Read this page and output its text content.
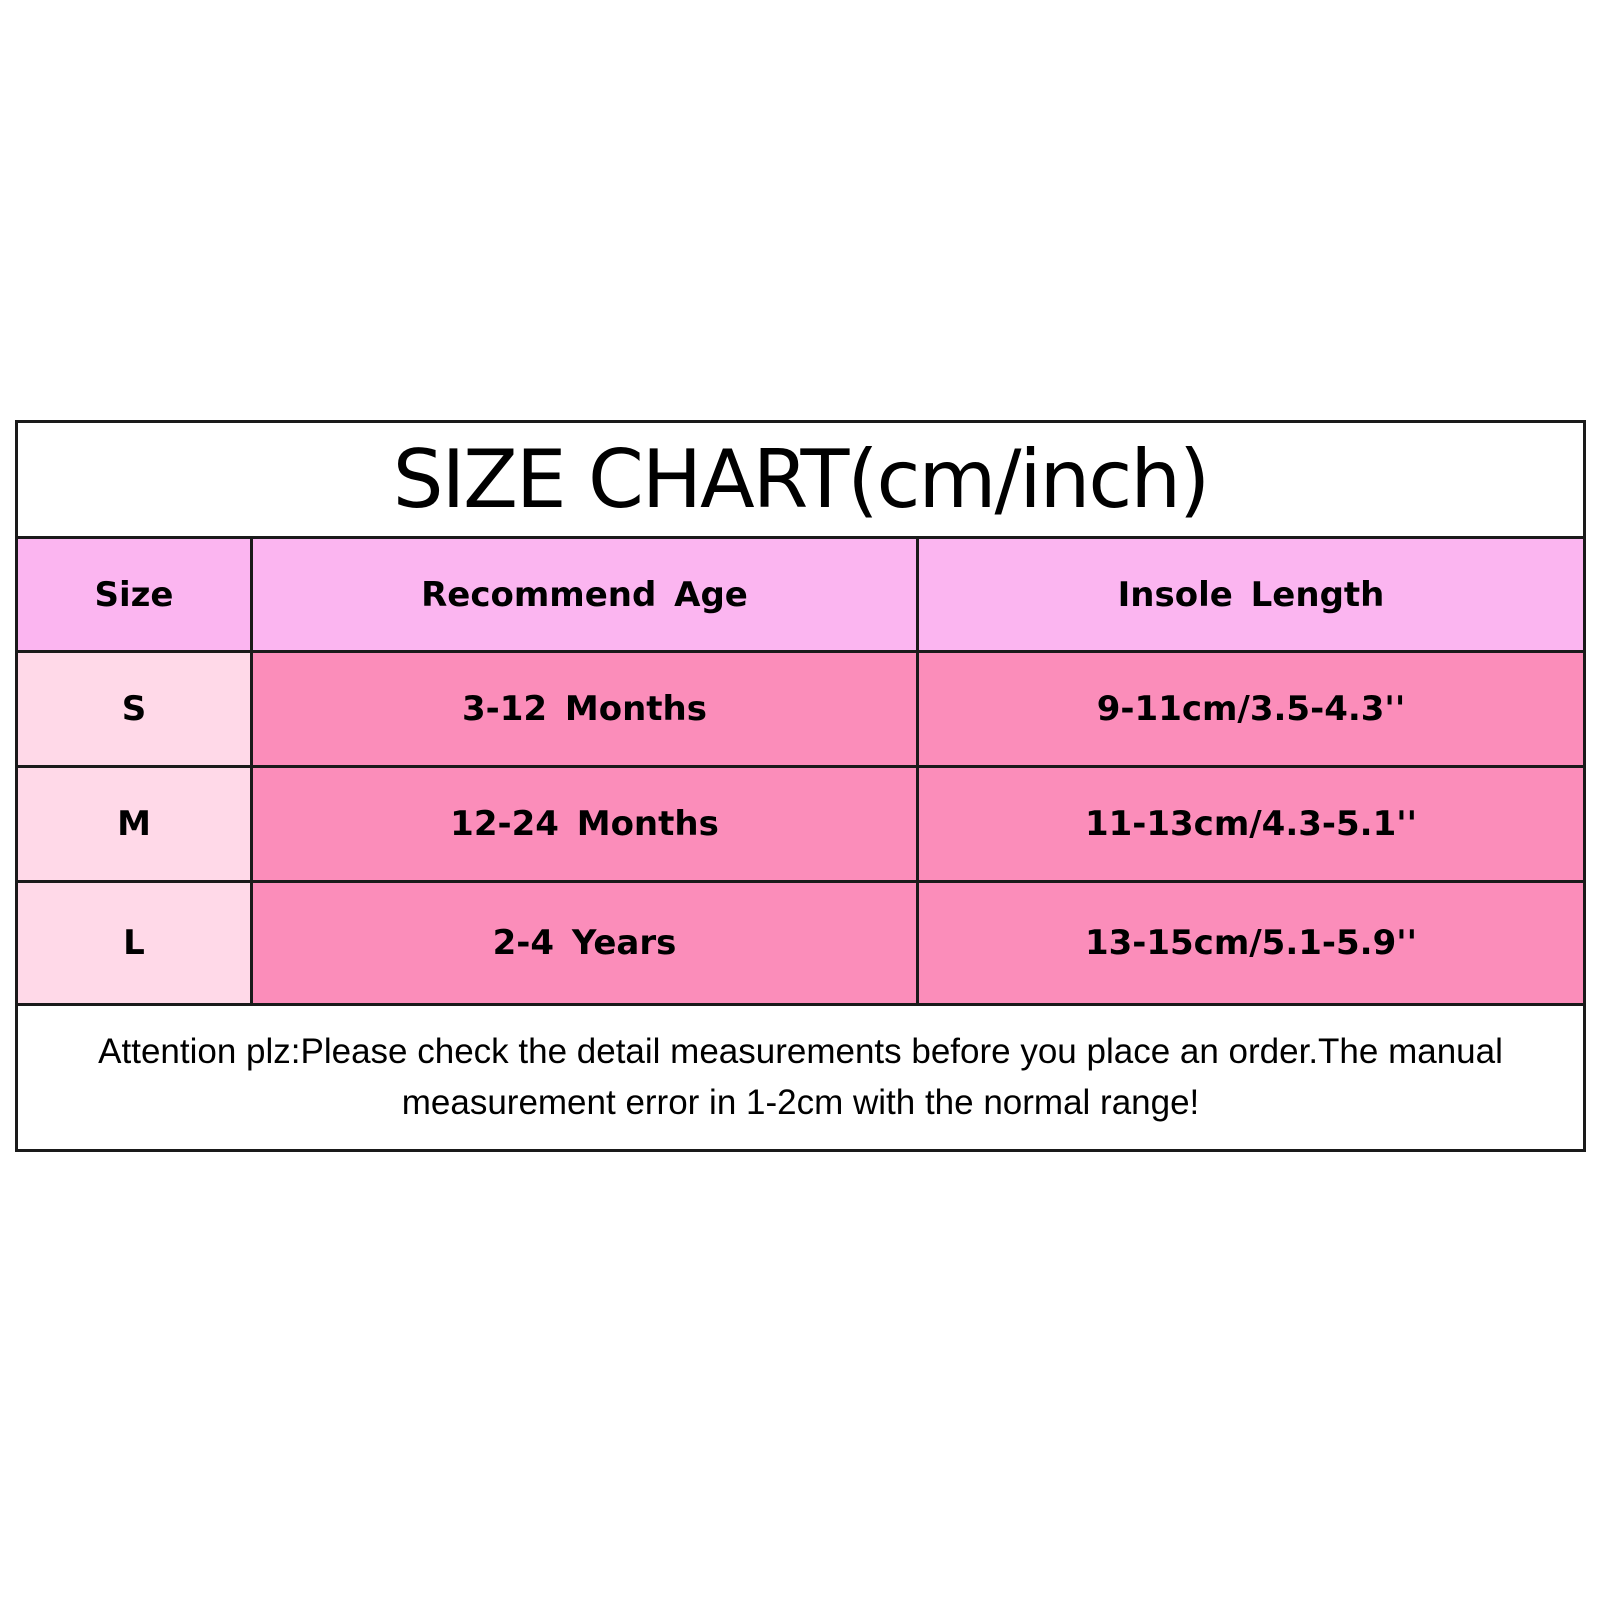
SIZE CHART(cm/inch)		
Size	Recommend Age	Insole Length
S	3-12 Months	9-11cm/3.5-4.3''
M	12-24 Months	11-13cm/4.3-5.1''
L	2-4 Years	13-15cm/5.1-5.9''

Attention plz:Please check the detail measurements before you place an order.The manual
measurement error in 1-2cm with the normal range!		
